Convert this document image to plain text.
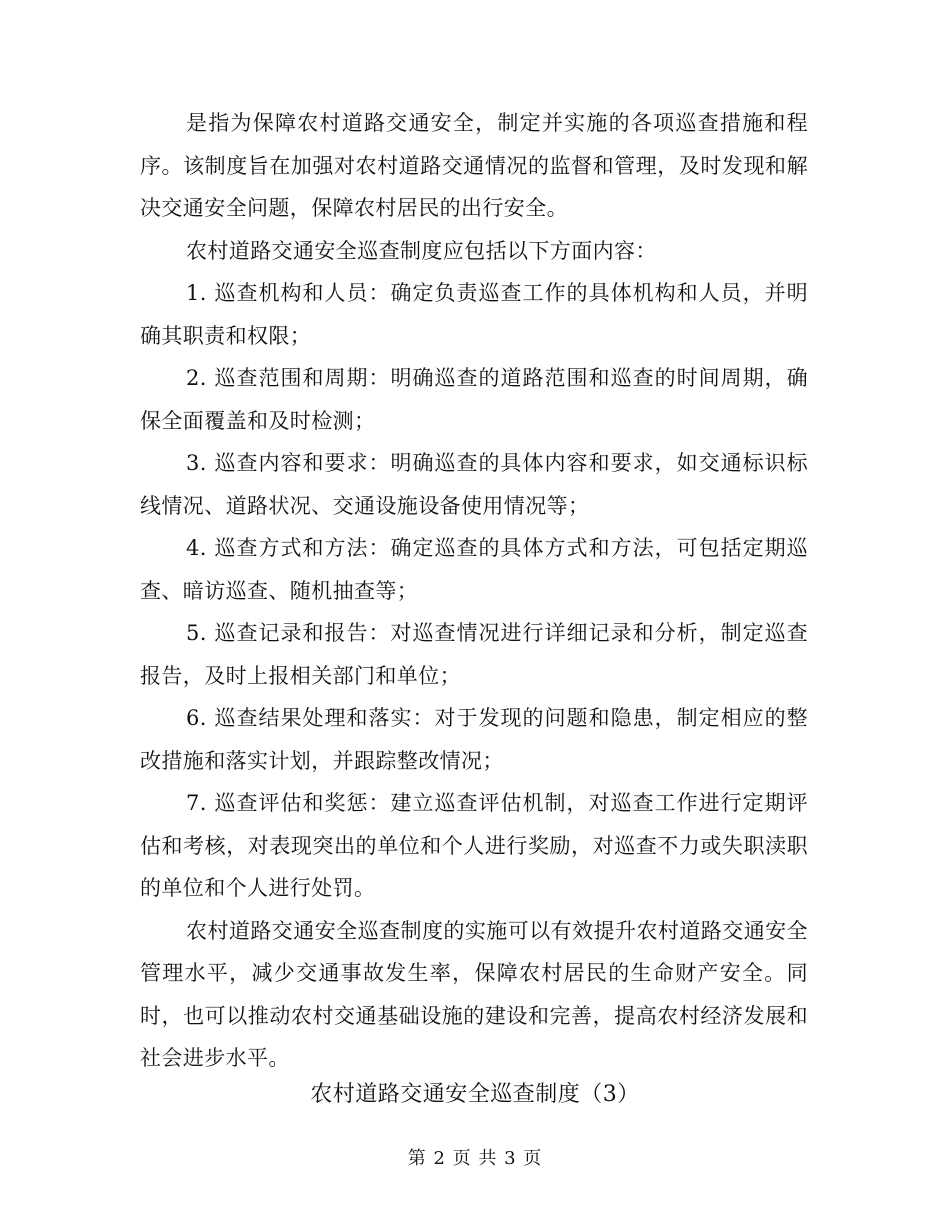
是指为保障农村道路交通安全，制定并实施的各项巡查措施和程序。该制度旨在加强对农村道路交通情况的监督和管理，及时发现和解决交通安全问题，保障农村居民的出行安全。

农村道路交通安全巡查制度应包括以下方面内容：

1. 巡查机构和人员：确定负责巡查工作的具体机构和人员，并明确其职责和权限；

2. 巡查范围和周期：明确巡查的道路范围和巡查的时间周期，确保全面覆盖和及时检测；

3. 巡查内容和要求：明确巡查的具体内容和要求，如交通标识标线情况、道路状况、交通设施设备使用情况等；

4. 巡查方式和方法：确定巡查的具体方式和方法，可包括定期巡查、暗访巡查、随机抽查等；

5. 巡查记录和报告：对巡查情况进行详细记录和分析，制定巡查报告，及时上报相关部门和单位；

6. 巡查结果处理和落实：对于发现的问题和隐患，制定相应的整改措施和落实计划，并跟踪整改情况；

7. 巡查评估和奖惩：建立巡查评估机制，对巡查工作进行定期评估和考核，对表现突出的单位和个人进行奖励，对巡查不力或失职渎职的单位和个人进行处罚。

农村道路交通安全巡查制度的实施可以有效提升农村道路交通安全管理水平，减少交通事故发生率，保障农村居民的生命财产安全。同时，也可以推动农村交通基础设施的建设和完善，提高农村经济发展和社会进步水平。

农村道路交通安全巡查制度（3）
第 2 页 共 3 页
